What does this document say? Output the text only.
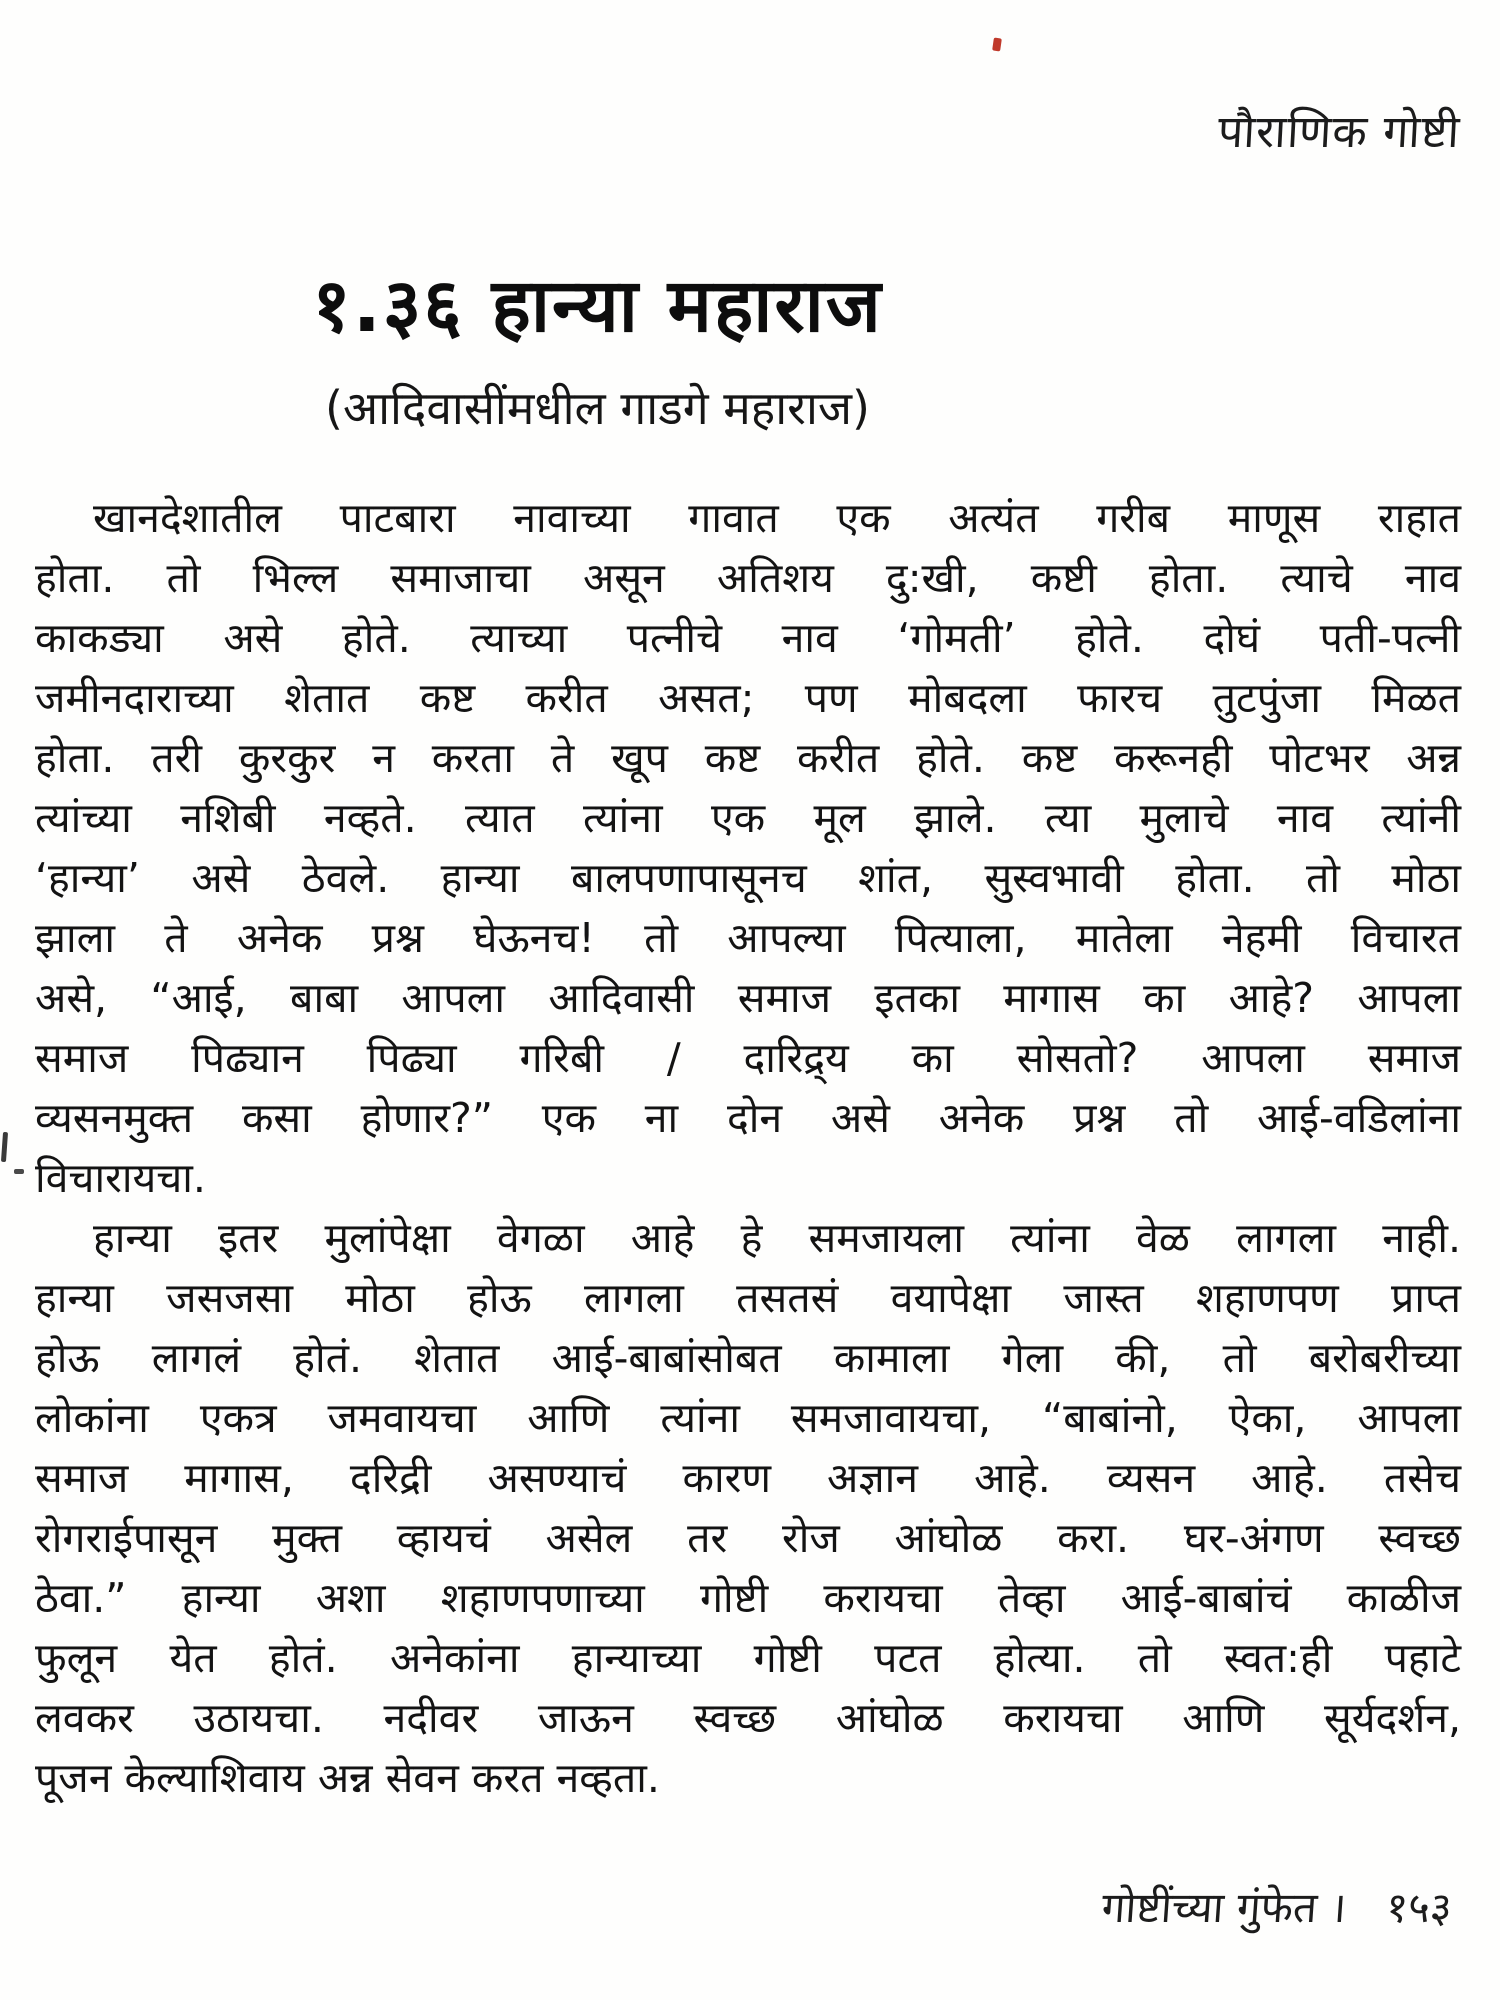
पौराणिक गोष्टी
१.३६ हान्या महाराज
(आदिवासींमधील गाडगे महाराज)
खानदेशातील पाटबारा नावाच्या गावात एक अत्यंत गरीब माणूस राहात
होता. तो भिल्ल समाजाचा असून अतिशय दु:खी, कष्टी होता. त्याचे नाव
काकड्या असे होते. त्याच्या पत्नीचे नाव ‘गोमती’ होते. दोघं पती-पत्नी
जमीनदाराच्या शेतात कष्ट करीत असत; पण मोबदला फारच तुटपुंजा मिळत
होता. तरी कुरकुर न करता ते खूप कष्ट करीत होते. कष्ट करूनही पोटभर अन्न
त्यांच्या नशिबी नव्हते. त्यात त्यांना एक मूल झाले. त्या मुलाचे नाव त्यांनी
‘हान्या’ असे ठेवले. हान्या बालपणापासूनच शांत, सुस्वभावी होता. तो मोठा
झाला ते अनेक प्रश्न घेऊनच! तो आपल्या पित्याला, मातेला नेहमी विचारत
असे, “आई, बाबा आपला आदिवासी समाज इतका मागास का आहे? आपला
समाज पिढ्यान पिढ्या गरिबी / दारिद्र्य का सोसतो? आपला समाज
व्यसनमुक्त कसा होणार?” एक ना दोन असे अनेक प्रश्न तो आई-वडिलांना
विचारायचा.
हान्या इतर मुलांपेक्षा वेगळा आहे हे समजायला त्यांना वेळ लागला नाही.
हान्या जसजसा मोठा होऊ लागला तसतसं वयापेक्षा जास्त शहाणपण प्राप्त
होऊ लागलं होतं. शेतात आई-बाबांसोबत कामाला गेला की, तो बरोबरीच्या
लोकांना एकत्र जमवायचा आणि त्यांना समजावायचा, “बाबांनो, ऐका, आपला
समाज मागास, दरिद्री असण्याचं कारण अज्ञान आहे. व्यसन आहे. तसेच
रोगराईपासून मुक्त व्हायचं असेल तर रोज आंघोळ करा. घर-अंगण स्वच्छ
ठेवा.” हान्या अशा शहाणपणाच्या गोष्टी करायचा तेव्हा आई-बाबांचं काळीज
फुलून येत होतं. अनेकांना हान्याच्या गोष्टी पटत होत्या. तो स्वत:ही पहाटे
लवकर उठायचा. नदीवर जाऊन स्वच्छ आंघोळ करायचा आणि सूर्यदर्शन,
पूजन केल्याशिवाय अन्न सेवन करत नव्हता.
गोष्टींच्या गुंफेत । १५३
